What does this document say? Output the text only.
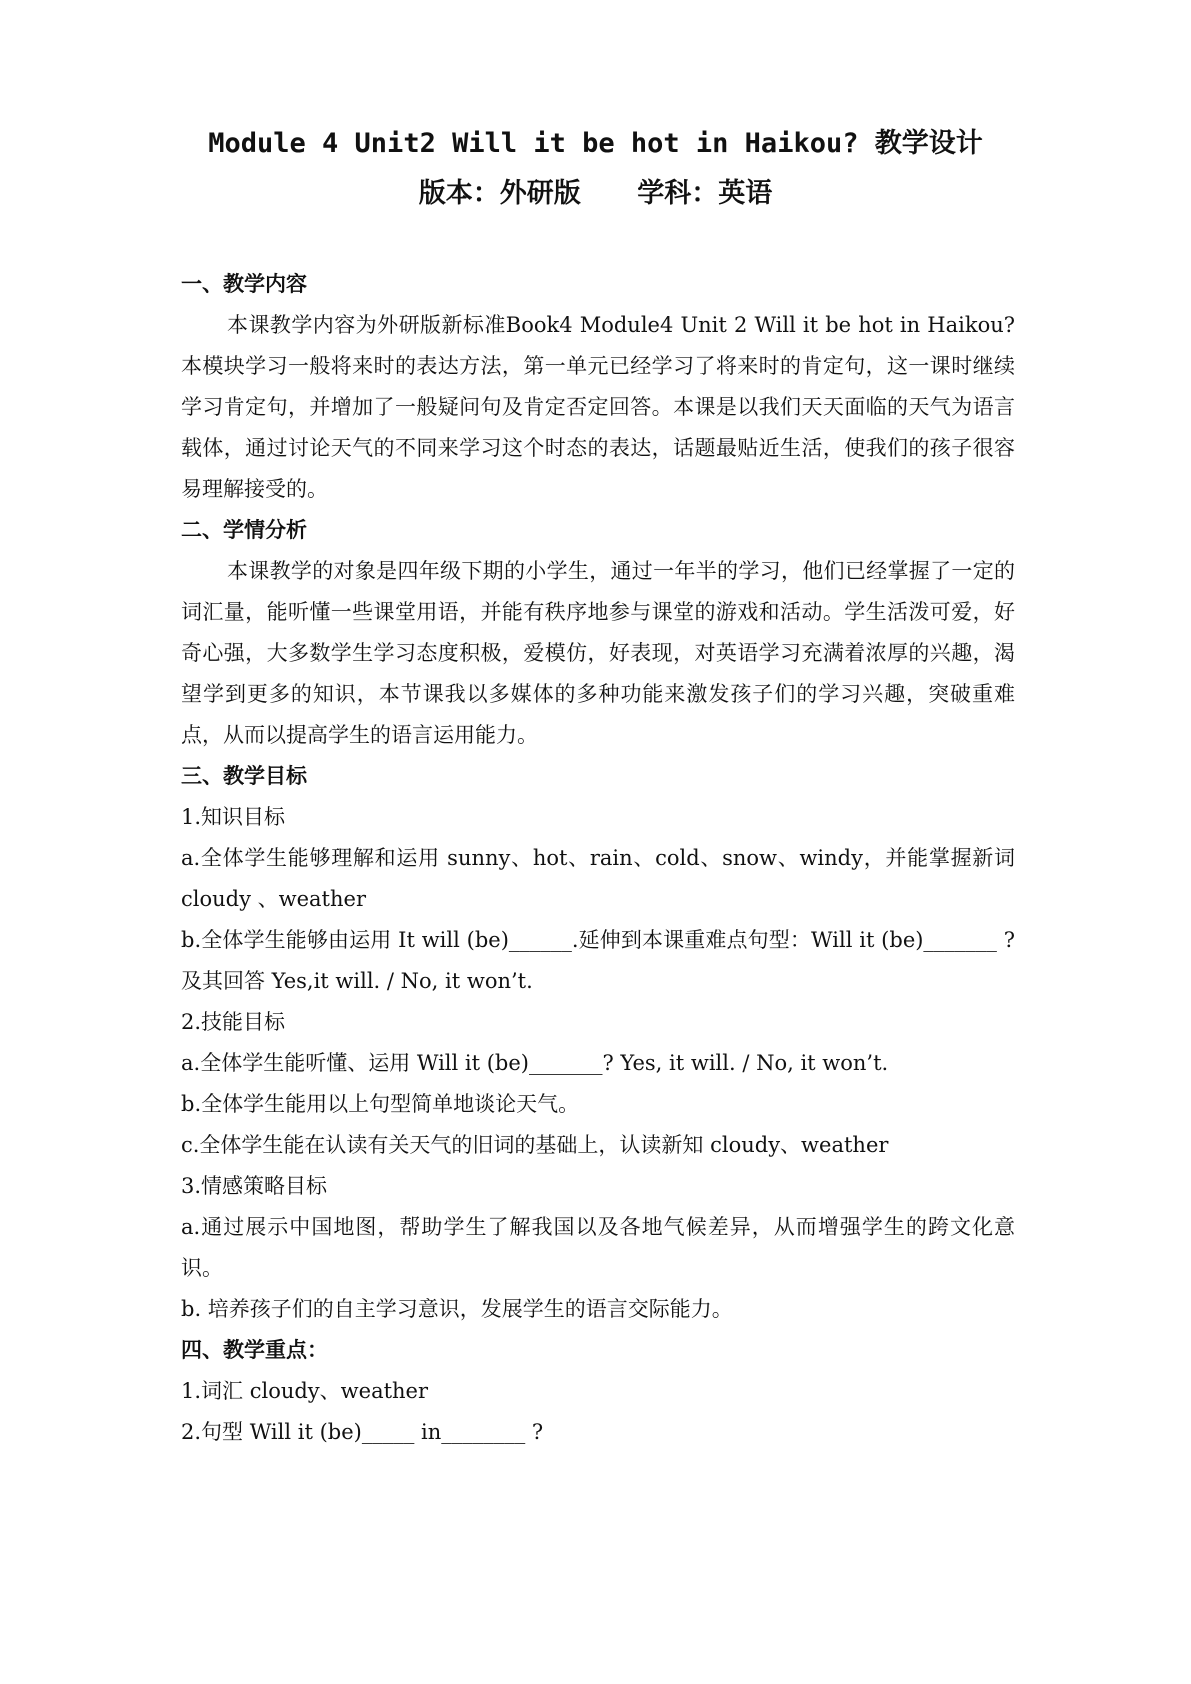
Module 4 Unit2 Will it be hot in Haikou? 教学设计
版本：外研版      学科：英语

一、教学内容

本课教学内容为外研版新标准Book4 Module4 Unit 2 Will it be hot in Haikou? 本模块学习一般将来时的表达方法，第一单元已经学习了将来时的肯定句，这一课时继续学习肯定句，并增加了一般疑问句及肯定否定回答。本课是以我们天天面临的天气为语言载体，通过讨论天气的不同来学习这个时态的表达，话题最贴近生活，使我们的孩子很容易理解接受的。

二、学情分析

本课教学的对象是四年级下期的小学生，通过一年半的学习，他们已经掌握了一定的词汇量，能听懂一些课堂用语，并能有秩序地参与课堂的游戏和活动。学生活泼可爱，好奇心强，大多数学生学习态度积极，爱模仿，好表现，对英语学习充满着浓厚的兴趣，渴望学到更多的知识，本节课我以多媒体的多种功能来激发孩子们的学习兴趣，突破重难点，从而以提高学生的语言运用能力。

三、教学目标

1.知识目标

a.全体学生能够理解和运用 sunny、hot、rain、cold、snow、windy，并能掌握新词 cloudy 、weather

b.全体学生能够由运用 It will (be)______.延伸到本课重难点句型：Will it (be)_______ ?及其回答 Yes,it will. / No, it won’t.

2.技能目标

a.全体学生能听懂、运用 Will it (be)_______? Yes, it will. / No, it won’t.

b.全体学生能用以上句型简单地谈论天气。

c.全体学生能在认读有关天气的旧词的基础上，认读新知 cloudy、weather

3.情感策略目标

a.通过展示中国地图，帮助学生了解我国以及各地气候差异，从而增强学生的跨文化意识。

b. 培养孩子们的自主学习意识，发展学生的语言交际能力。

四、教学重点：

1.词汇 cloudy、weather

2.句型 Will it (be)_____ in________ ?
